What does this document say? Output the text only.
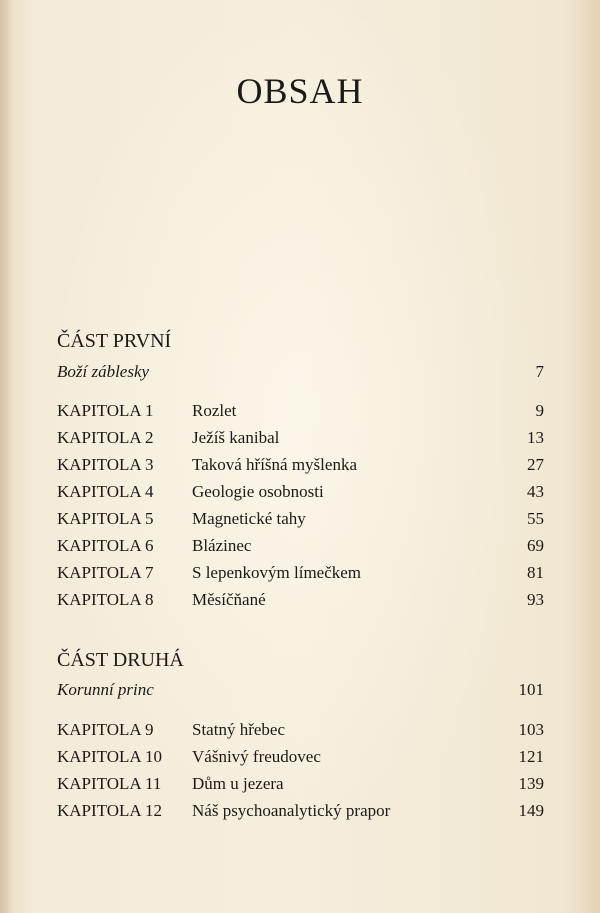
OBSAH
ČÁST PRVNÍ
Boží záblesky	7
KAPITOLA 1 Rozlet	9
KAPITOLA 2 Ježíš kanibal	13
KAPITOLA 3 Taková hříšná myšlenka	27
KAPITOLA 4 Geologie osobnosti	43
KAPITOLA 5 Magnetické tahy	55
KAPITOLA 6 Blázinec	69
KAPITOLA 7 S lepenkovým límečkem	81
KAPITOLA 8 Měsíčňané	93
ČÁST DRUHÁ
Korunní princ	101
KAPITOLA 9 Statný hřebec	103
KAPITOLA 10 Vášnivý freudovec	121
KAPITOLA 11 Dům u jezera	139
KAPITOLA 12 Náš psychoanalytický prapor	149
